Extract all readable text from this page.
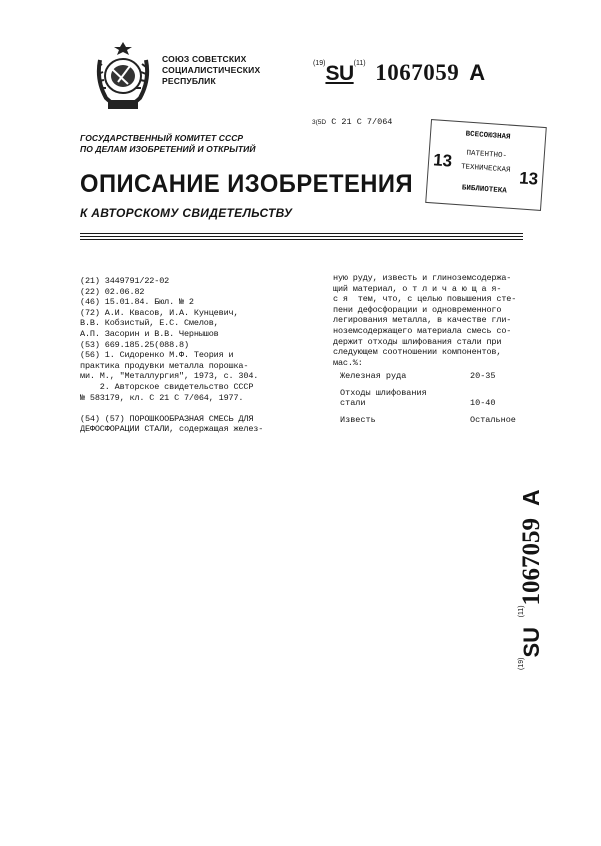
СОЮЗ СОВЕТСКИХ
СОЦИАЛИСТИЧЕСКИХ
РЕСПУБЛИК
$^{(19)}$SU$^{(11)}$ 1067059 A
3(5D С 21 С 7/064
ГОСУДАРСТВЕННЫЙ КОМИТЕТ СССР
ПО ДЕЛАМ ИЗОБРЕТЕНИЙ И ОТКРЫТИЙ
ВСЕСОЮЗНАЯ
ПАТЕНТНО-
ТЕХНИЧЕСКАЯ
БИБЛИОТЕКА
13
13
ОПИСАНИЕ ИЗОБРЕТЕНИЯ
К АВТОРСКОМУ СВИДЕТЕЛЬСТВУ
(21) 3449791/22-02
(22) 02.06.82
(46) 15.01.84. Бюл. № 2
(72) А.И. Квасов, И.А. Кунцевич,
В.В. Кобзистый, Е.С. Смелов,
А.П. Засорин и В.В. Чернышов
(53) 669.185.25(088.8)
(56) 1. Сидоренко М.Ф. Теория и
практика продувки металла порошка-
ми. М., "Металлургия", 1973, с. 304.
2. Авторское свидетельство СССР
№ 583179, кл. С 21 С 7/064, 1977.

(54) (57) ПОРОШКООБРАЗНАЯ СМЕСЬ ДЛЯ
ДЕФОСФОРАЦИИ СТАЛИ, содержащая желез-
ную руду, известь и глиноземсодержа-
щий материал, о т л и ч а ю щ а я-
с я  тем, что, с целью повышения сте-
пени дефосфорации и одновременного
легирования металла, в качестве гли-
ноземсодержащего материала смесь со-
держит отходы шлифования стали при
следующем соотношении компонентов,
мас.%:
Железная руда	20-35
Отходы шлифования
стали	10-40
Известь	Остальное
$^{(19)}$SU $^{(11)}$1067059A
